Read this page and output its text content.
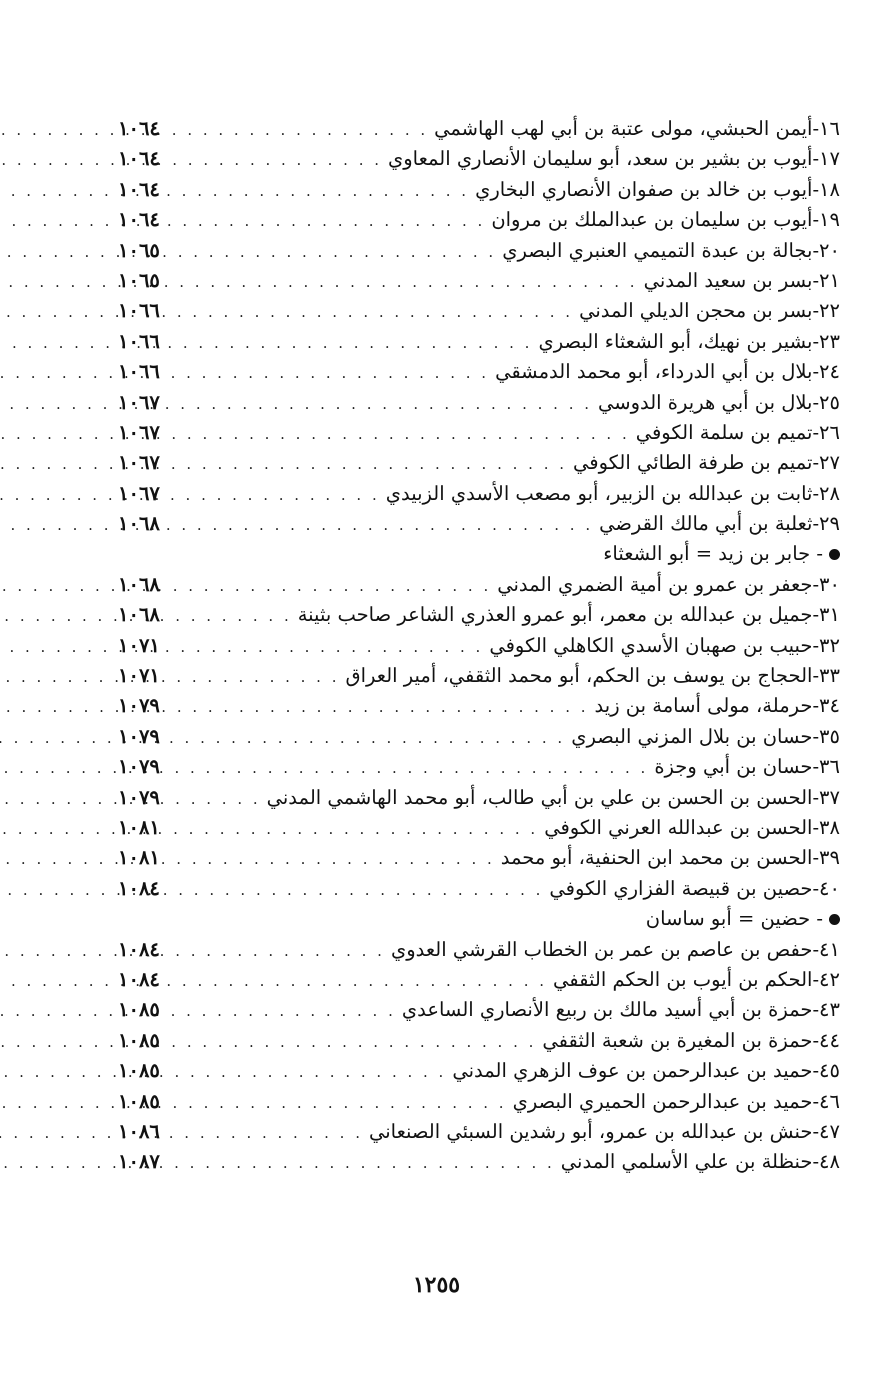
١٦-
أيمن الحبشي، مولى عتبة بن أبي لهب الهاشمي
. . .
١٠٦٤
١٧-
أيوب بن بشير بن سعد، أبو سليمان الأنصاري المعاوي
. . .
١٠٦٤
١٨-
أيوب بن خالد بن صفوان الأنصاري البخاري
. . .
١٠٦٤
١٩-
أيوب بن سليمان بن عبدالملك بن مروان
. . .
١٠٦٤
٢٠-
بجالة بن عبدة التميمي العنبري البصري
. . .
١٠٦٥
٢١-
بسر بن سعيد المدني
. . .
١٠٦٥
٢٢-
بسر بن محجن الديلي المدني
. . .
١٠٦٦
٢٣-
بشير بن نهيك، أبو الشعثاء البصري
. . .
١٠٦٦
٢٤-
بلال بن أبي الدرداء، أبو محمد الدمشقي
. . .
١٠٦٦
٢٥-
بلال بن أبي هريرة الدوسي
. . .
١٠٦٧
٢٦-
تميم بن سلمة الكوفي
. . .
١٠٦٧
٢٧-
تميم بن طرفة الطائي الكوفي
. . .
١٠٦٧
٢٨-
ثابت بن عبدالله بن الزبير، أبو مصعب الأسدي الزبيدي
. . .
١٠٦٧
٢٩-
ثعلبة بن أبي مالك القرضي
. . .
١٠٦٨
- جابر بن زيد = أبو الشعثاء
٣٠-
جعفر بن عمرو بن أمية الضمري المدني
. . .
١٠٦٨
٣١-
جميل بن عبدالله بن معمر، أبو عمرو العذري الشاعر صاحب بثينة
. . .
١٠٦٨
٣٢-
حبيب بن صهبان الأسدي الكاهلي الكوفي
. . .
١٠٧١
٣٣-
الحجاج بن يوسف بن الحكم، أبو محمد الثقفي، أمير العراق
. . .
١٠٧١
٣٤-
حرملة، مولى أسامة بن زيد
. . .
١٠٧٩
٣٥-
حسان بن بلال المزني البصري
. . .
١٠٧٩
٣٦-
حسان بن أبي وجزة
. . .
١٠٧٩
٣٧-
الحسن بن الحسن بن علي بن أبي طالب، أبو محمد الهاشمي المدني
. . .
١٠٧٩
٣٨-
الحسن بن عبدالله العرني الكوفي
. . .
١٠٨١
٣٩-
الحسن بن محمد ابن الحنفية، أبو محمد
. . .
١٠٨١
٤٠-
حصين بن قبيصة الفزاري الكوفي
. . .
١٠٨٤
- حضين = أبو ساسان
٤١-
حفص بن عاصم بن عمر بن الخطاب القرشي العدوي
. . .
١٠٨٤
٤٢-
الحكم بن أيوب بن الحكم الثقفي
. . .
١٠٨٤
٤٣-
حمزة بن أبي أسيد مالك بن ربيع الأنصاري الساعدي
. . .
١٠٨٥
٤٤-
حمزة بن المغيرة بن شعبة الثقفي
. . .
١٠٨٥
٤٥-
حميد بن عبدالرحمن بن عوف الزهري المدني
. . .
١٠٨٥
٤٦-
حميد بن عبدالرحمن الحميري البصري
. . .
١٠٨٥
٤٧-
حنش بن عبدالله بن عمرو، أبو رشدين السبئي الصنعاني
. . .
١٠٨٦
٤٨-
حنظلة بن علي الأسلمي المدني
. . .
١٠٨٧
١٢٥٥
